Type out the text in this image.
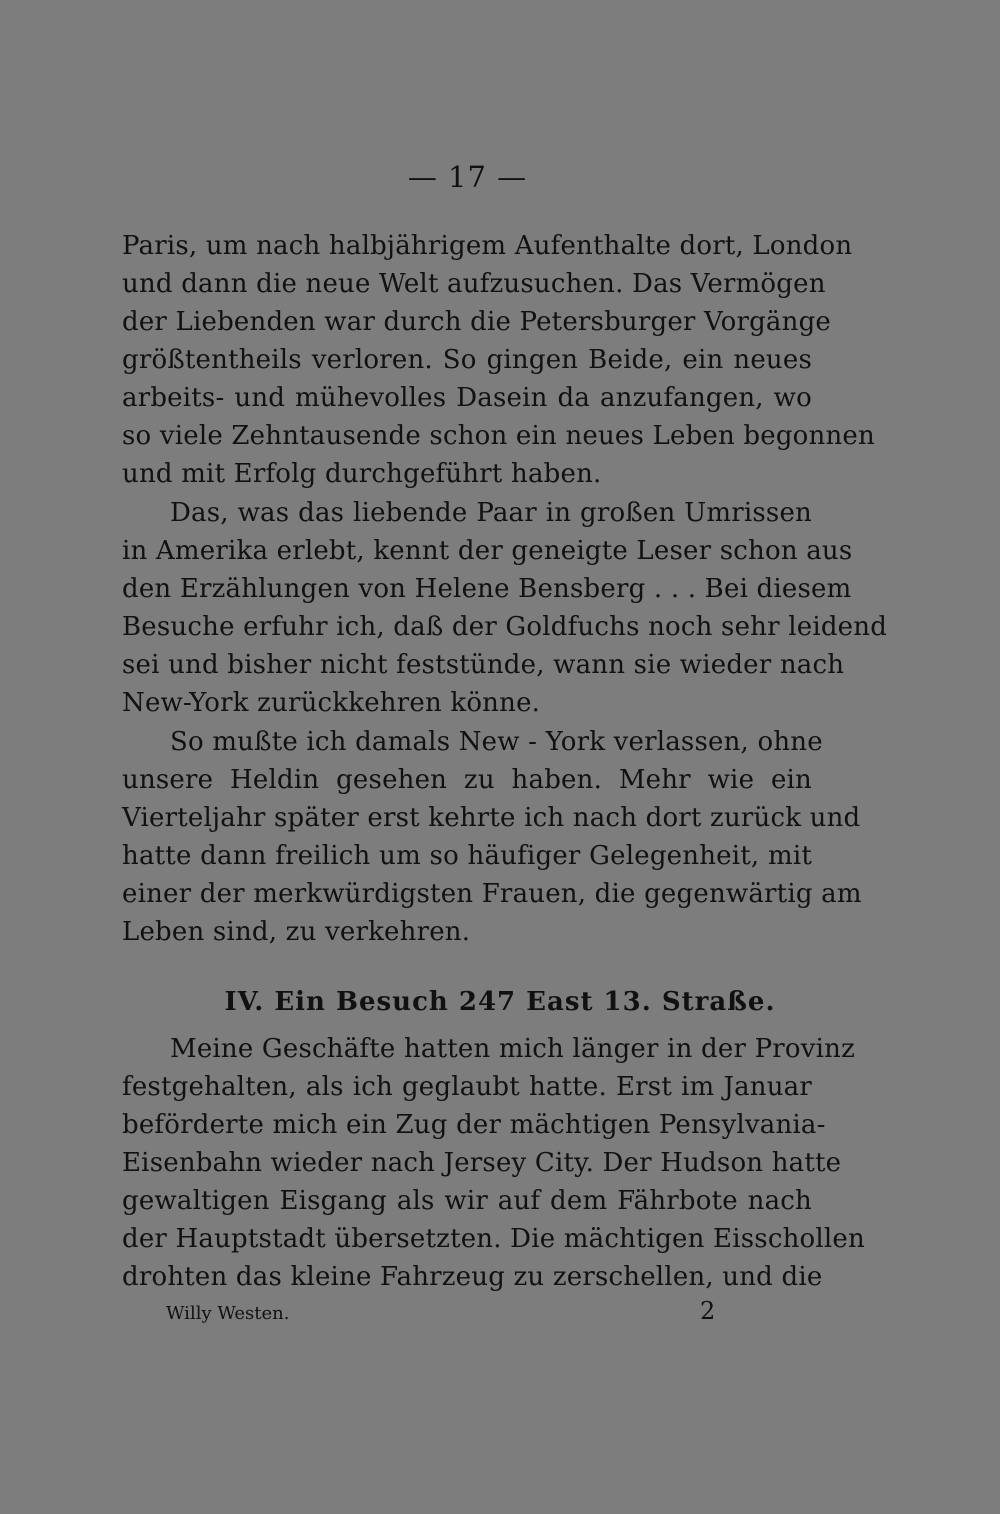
— 17 —
Paris, um nach halbjährigem Aufenthalte dort, London
und dann die neue Welt aufzusuchen. Das Vermögen
der Liebenden war durch die Petersburger Vorgänge
größtentheils verloren. So gingen Beide, ein neues
arbeits- und mühevolles Dasein da anzufangen, wo
so viele Zehntausende schon ein neues Leben begonnen
und mit Erfolg durchgeführt haben.
Das, was das liebende Paar in großen Umrissen
in Amerika erlebt, kennt der geneigte Leser schon aus
den Erzählungen von Helene Bensberg . . . Bei diesem
Besuche erfuhr ich, daß der Goldfuchs noch sehr leidend
sei und bisher nicht feststünde, wann sie wieder nach
New-York zurückkehren könne.
So mußte ich damals New - York verlassen, ohne
unsere Heldin gesehen zu haben. Mehr wie ein
Vierteljahr später erst kehrte ich nach dort zurück und
hatte dann freilich um so häufiger Gelegenheit, mit
einer der merkwürdigsten Frauen, die gegenwärtig am
Leben sind, zu verkehren.
IV. Ein Besuch 247 East 13. Straße.
Meine Geschäfte hatten mich länger in der Provinz
festgehalten, als ich geglaubt hatte. Erst im Januar
beförderte mich ein Zug der mächtigen Pensylvania-
Eisenbahn wieder nach Jersey City. Der Hudson hatte
gewaltigen Eisgang als wir auf dem Fährbote nach
der Hauptstadt übersetzten. Die mächtigen Eisschollen
drohten das kleine Fahrzeug zu zerschellen, und die
Willy Westen.	2
